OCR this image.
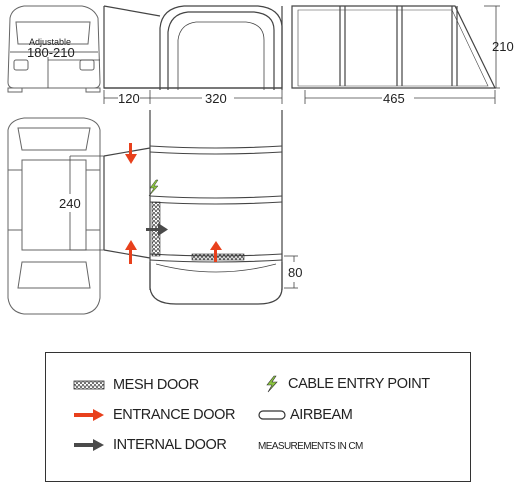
Adjustable
180-210
120	320
210
465
240
80
MESH DOOR
ENTRANCE DOOR
INTERNAL DOOR
CABLE ENTRY POINT
AIRBEAM
MEASUREMENTS IN CM
